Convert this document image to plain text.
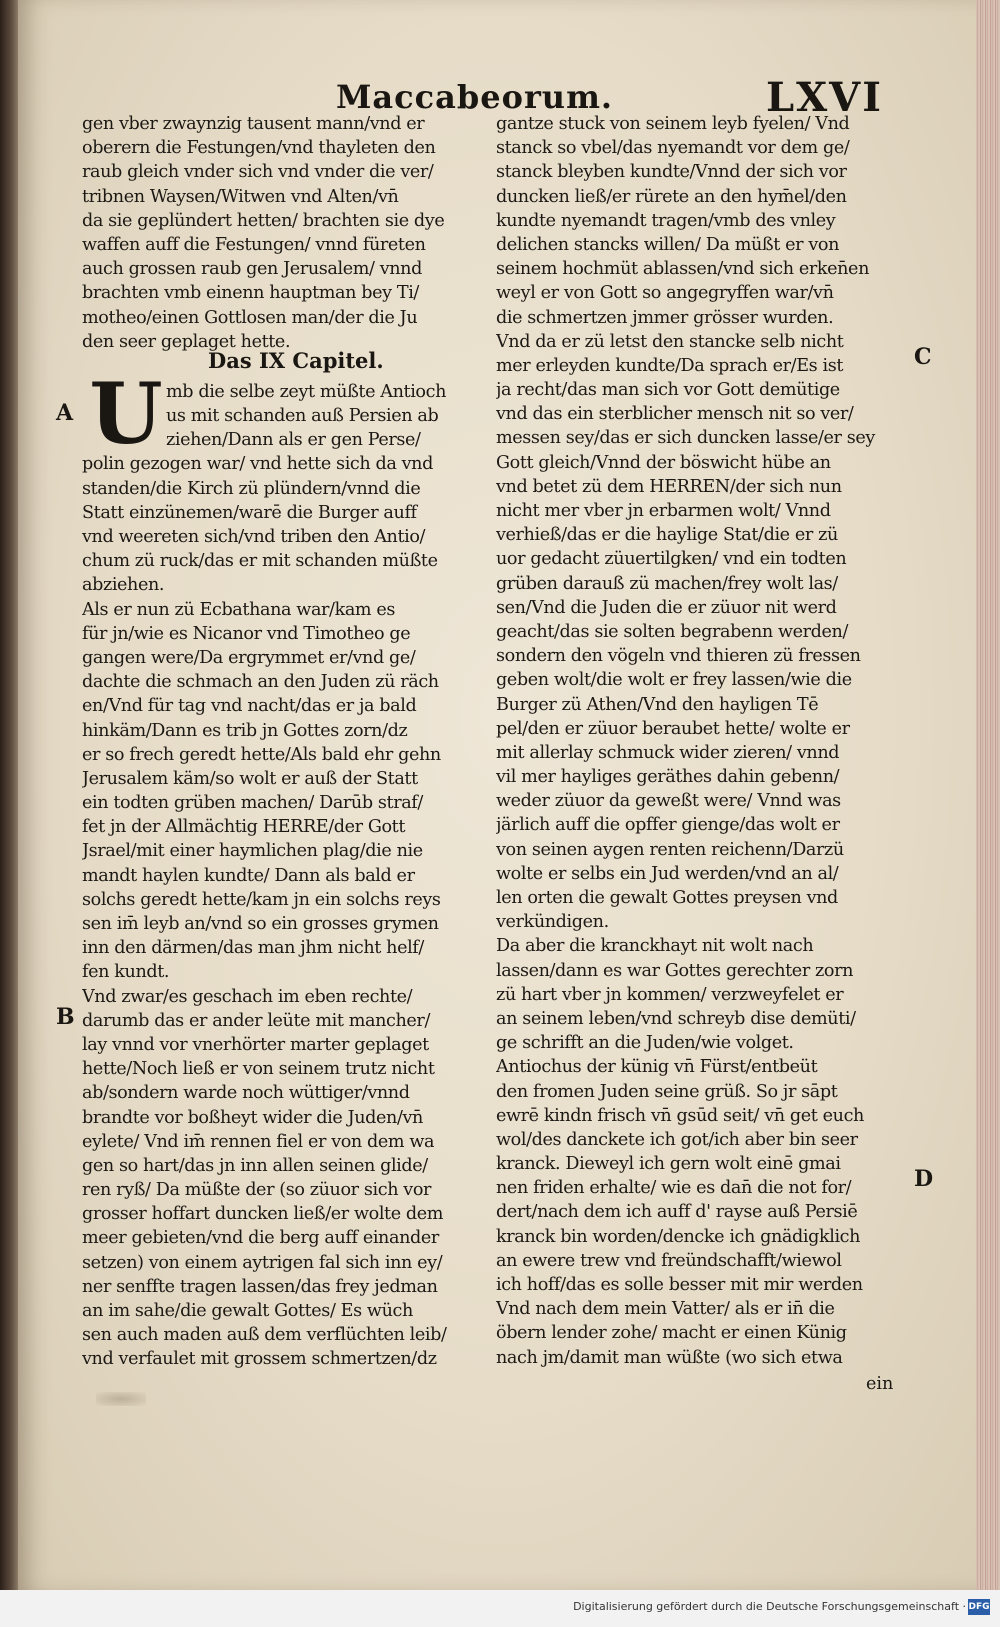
Maccabeorum.	LXVI
gen vber zwaynzig tausent mann/vnd er
oberern die Festungen/vnd thayleten den
raub gleich vnder sich vnd vnder die ver/
tribnen Waysen/Witwen vnd Alten/vn̄
da sie geplündert hetten/ brachten sie dye
waffen auff die Festungen/ vnnd füreten
auch grossen raub gen Jerusalem/ vnnd
brachten vmb einenn hauptman bey Ti/
motheo/einen Gottlosen man/der die Ju
den seer geplaget hette.
mb die selbe zeyt müßte Antioch
us mit schanden auß Persien ab
ziehen/Dann als er gen Perse/
polin gezogen war/ vnd hette sich da vnd
standen/die Kirch zü plündern/vnnd die
Statt einzünemen/warē die Burger auff
vnd weereten sich/vnd triben den Antio/
chum zü ruck/das er mit schanden müßte
abziehen.
Als er nun zü Ecbathana war/kam es
für jn/wie es Nicanor vnd Timotheo ge
gangen were/Da ergrymmet er/vnd ge/
dachte die schmach an den Juden zü räch
en/Vnd für tag vnd nacht/das er ja bald
hinkäm/Dann es trib jn Gottes zorn/dz
er so frech geredt hette/Als bald ehr gehn
Jerusalem käm/so wolt er auß der Statt
ein todten grüben machen/ Darūb straf/
fet jn der Allmächtig HERRE/der Gott
Jsrael/mit einer haymlichen plag/die nie
mandt haylen kundte/ Dann als bald er
solchs geredt hette/kam jn ein solchs reys
sen im̄ leyb an/vnd so ein grosses grymen
inn den därmen/das man jhm nicht helf/
fen kundt.
Vnd zwar/es geschach im eben rechte/
darumb das er ander leüte mit mancher/
lay vnnd vor vnerhörter marter geplaget
hette/Noch ließ er von seinem trutz nicht
ab/sondern warde noch wüttiger/vnnd
brandte vor boßheyt wider die Juden/vn̄
eylete/ Vnd im̄ rennen fiel er von dem wa
gen so hart/das jn inn allen seinen glide/
ren ryß/ Da müßte der (so züuor sich vor
grosser hoffart duncken ließ/er wolte dem
meer gebieten/vnd die berg auff einander
setzen) von einem aytrigen fal sich inn ey/
ner senffte tragen lassen/das frey jedman
an im sahe/die gewalt Gottes/ Es wüch
sen auch maden auß dem verflüchten leib/
vnd verfaulet mit grossem schmertzen/dz
Das IX Capitel.
U
gantze stuck von seinem leyb fyelen/ Vnd
stanck so vbel/das nyemandt vor dem ge/
stanck bleyben kundte/Vnnd der sich vor
duncken ließ/er rürete an den hym̄el/den
kundte nyemandt tragen/vmb des vnley
delichen stancks willen/ Da müßt er von
seinem hochmüt ablassen/vnd sich erken̄en
weyl er von Gott so angegryffen war/vn̄
die schmertzen jmmer grösser wurden.
Vnd da er zü letst den stancke selb nicht
mer erleyden kundte/Da sprach er/Es ist
ja recht/das man sich vor Gott demütige
vnd das ein sterblicher mensch nit so ver/
messen sey/das er sich duncken lasse/er sey
Gott gleich/Vnnd der böswicht hübe an
vnd betet zü dem HERREN/der sich nun
nicht mer vber jn erbarmen wolt/ Vnnd
verhieß/das er die haylige Stat/die er zü
uor gedacht züuertilgken/ vnd ein todten
grüben darauß zü machen/frey wolt las/
sen/Vnd die Juden die er züuor nit werd
geacht/das sie solten begrabenn werden/
sondern den vögeln vnd thieren zü fressen
geben wolt/die wolt er frey lassen/wie die
Burger zü Athen/Vnd den hayligen Tē
pel/den er züuor beraubet hette/ wolte er
mit allerlay schmuck wider zieren/ vnnd
vil mer hayliges geräthes dahin gebenn/
weder züuor da geweßt were/ Vnnd was
järlich auff die opffer gienge/das wolt er
von seinen aygen renten reichenn/Darzü
wolte er selbs ein Jud werden/vnd an al/
len orten die gewalt Gottes preysen vnd
verkündigen.
Da aber die kranckhayt nit wolt nach
lassen/dann es war Gottes gerechter zorn
zü hart vber jn kommen/ verzweyfelet er
an seinem leben/vnd schreyb dise demüti/
ge schrifft an die Juden/wie volget.
Antiochus der künig vn̄ Fürst/entbeüt
den fromen Juden seine grüß. So jr sāpt
ewrē kindn frisch vn̄ gsūd seit/ vn̄ get euch
wol/des danckete ich got/ich aber bin seer
kranck. Dieweyl ich gern wolt einē gmai
nen friden erhalte/ wie es dan̄ die not for/
dert/nach dem ich auff d' rayse auß Persiē
kranck bin worden/dencke ich gnädigklich
an ewere trew vnd freündschafft/wiewol
ich hoff/das es solle besser mit mir werden
Vnd nach dem mein Vatter/ als er in̄ die
öbern lender zohe/ macht er einen Künig
nach jm/damit man wüßte (wo sich etwa
A
B
C
D
ein
Digitalisierung gefördert durch die Deutsche Forschungsgemeinschaft · DFG
